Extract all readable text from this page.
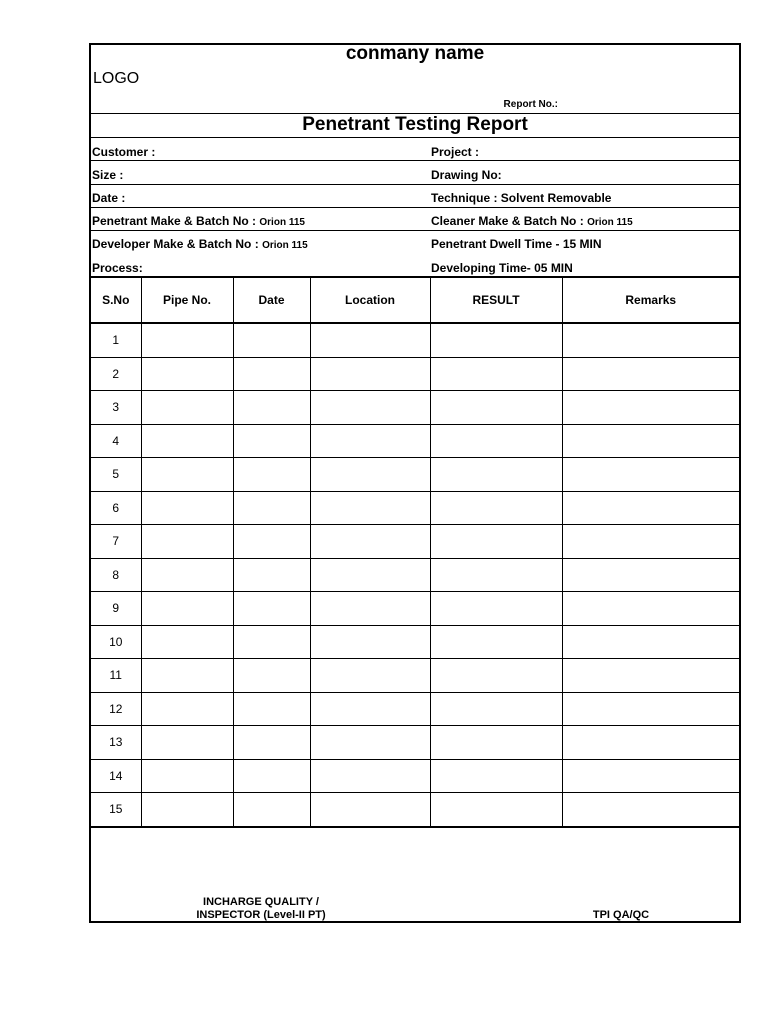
conmany name
LOGO
Report No.:
Penetrant Testing Report
Customer :	Project :
Size :	Drawing No:
Date :	Technique : Solvent Removable
Penetrant Make & Batch No : Orion 115	Cleaner Make & Batch No : Orion 115
Developer Make & Batch No : Orion 115	Penetrant Dwell Time - 15 MIN
Process:	Developing Time- 05 MIN
S.No	Pipe No.	Date	Location	RESULT	Remarks
1					
2					
3					
4					
5					
6					
7					
8					
9					
10					
11					
12					
13					
14					
15					
INCHARGE QUALITY /
INSPECTOR (Level-II PT)	TPI QA/QC
